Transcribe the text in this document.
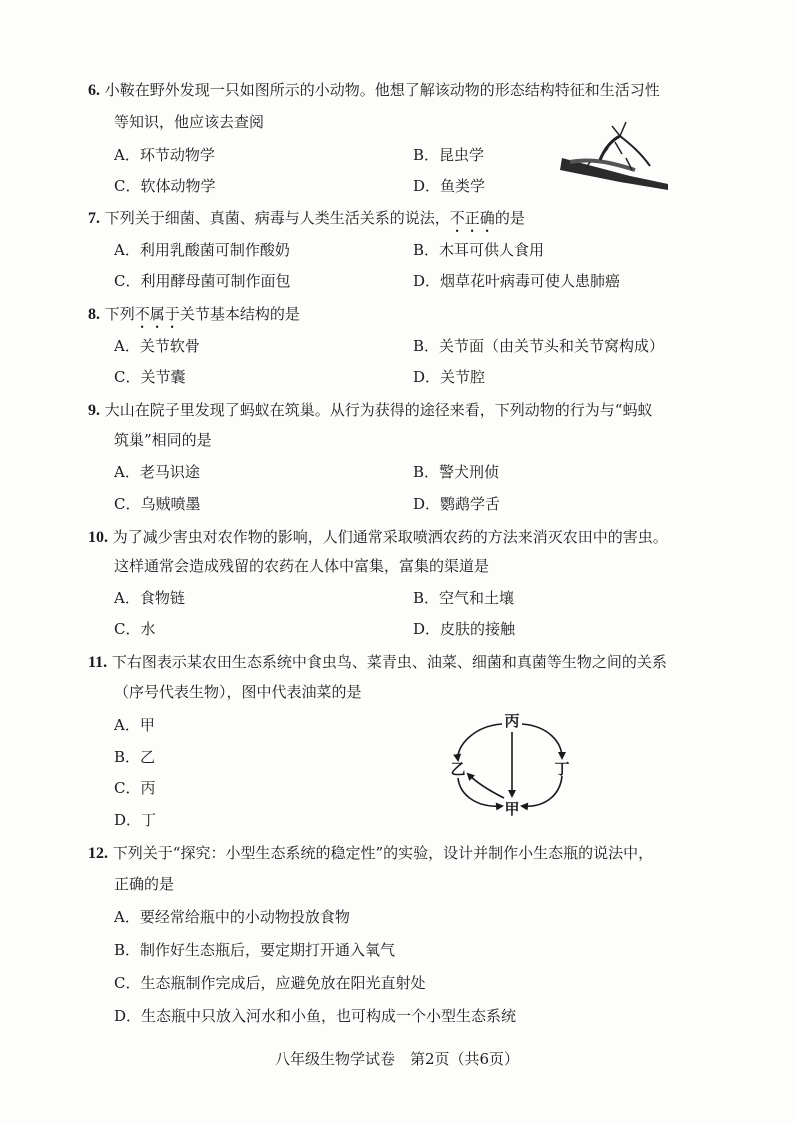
6. 小鞍在野外发现一只如图所示的小动物。他想了解该动物的形态结构特征和生活习性
等知识，他应该去查阅
A．环节动物学	B．昆虫学
C．软体动物学	D．鱼类学
7. 下列关于细菌、真菌、病毒与人类生活关系的说法，不正确的是
A．利用乳酸菌可制作酸奶	B．木耳可供人食用
C．利用酵母菌可制作面包	D．烟草花叶病毒可使人患肺癌
8. 下列不属于关节基本结构的是
A．关节软骨	B．关节面（由关节头和关节窝构成）
C．关节囊	D．关节腔
9. 大山在院子里发现了蚂蚁在筑巢。从行为获得的途径来看，下列动物的行为与“蚂蚁
筑巢”相同的是
A．老马识途	B．警犬刑侦
C．乌贼喷墨	D．鹦鹉学舌
10. 为了减少害虫对农作物的影响，人们通常采取喷洒农药的方法来消灭农田中的害虫。
这样通常会造成残留的农药在人体中富集，富集的渠道是
A．食物链	B．空气和土壤
C．水	D．皮肤的接触
11. 下右图表示某农田生态系统中食虫鸟、菜青虫、油菜、细菌和真菌等生物之间的关系
（序号代表生物），图中代表油菜的是
A．甲
B．乙
C．丙
D．丁
丙
乙	丁
甲
12. 下列关于“探究：小型生态系统的稳定性”的实验，设计并制作小生态瓶的说法中，
正确的是
A．要经常给瓶中的小动物投放食物
B．制作好生态瓶后，要定期打开通入氧气
C．生态瓶制作完成后，应避免放在阳光直射处
D．生态瓶中只放入河水和小鱼，也可构成一个小型生态系统
八年级生物学试卷　第2页（共6页）
